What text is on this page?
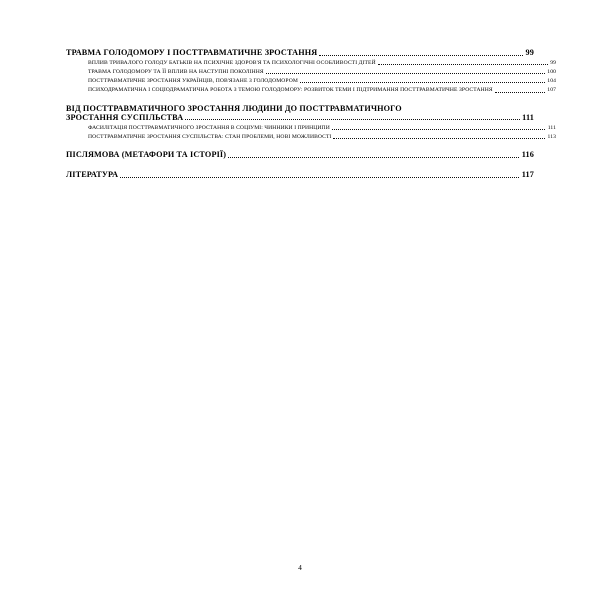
ТРАВМА ГОЛОДОМОРУ І ПОСТТРАВМАТИЧНЕ ЗРОСТАННЯ	99
ВПЛИВ ТРИВАЛОГО ГОЛОДУ БАТЬКІВ НА ПСИХІЧНЕ ЗДОРОВ'Я ТА ПСИХОЛОГІЧНІ ОСОБЛИВОСТІ ДІТЕЙ	99
ТРАВМА ГОЛОДОМОРУ ТА ЇЇ ВПЛИВ НА НАСТУПНІ ПОКОЛІННЯ	100
ПОСТТРАВМАТИЧНЕ ЗРОСТАННЯ УКРАЇНЦІВ, ПОВ'ЯЗАНЕ З ГОЛОДОМОРОМ	104
ПСИХОДРАМАТИЧНА І СОЦІОДРАМАТИЧНА РОБОТА З ТЕМОЮ ГОЛОДОМОРУ: РОЗВИТОК ТЕМИ І ПІДТРИМАННЯ ПОСТТРАВМАТИЧНЕ ЗРОСТАННЯ	107
ВІД ПОСТТРАВМАТИЧНОГО ЗРОСТАННЯ ЛЮДИНИ ДО ПОСТТРАВМАТИЧНОГО
ЗРОСТАННЯ СУСПІЛЬСТВА	111
ФАСИЛІТАЦІЯ ПОСТТРАВМАТИЧНОГО ЗРОСТАННЯ В СОЦІУМІ: ЧИННИКИ І ПРИНЦИПИ	111
ПОСТТРАВМАТИЧНЕ ЗРОСТАННЯ СУСПІЛЬСТВА: СТАН ПРОБЛЕМИ, НОВІ МОЖЛИВОСТІ	113
ПІСЛЯМОВА (МЕТАФОРИ ТА ІСТОРІЇ)	116
ЛІТЕРАТУРА	117
4
